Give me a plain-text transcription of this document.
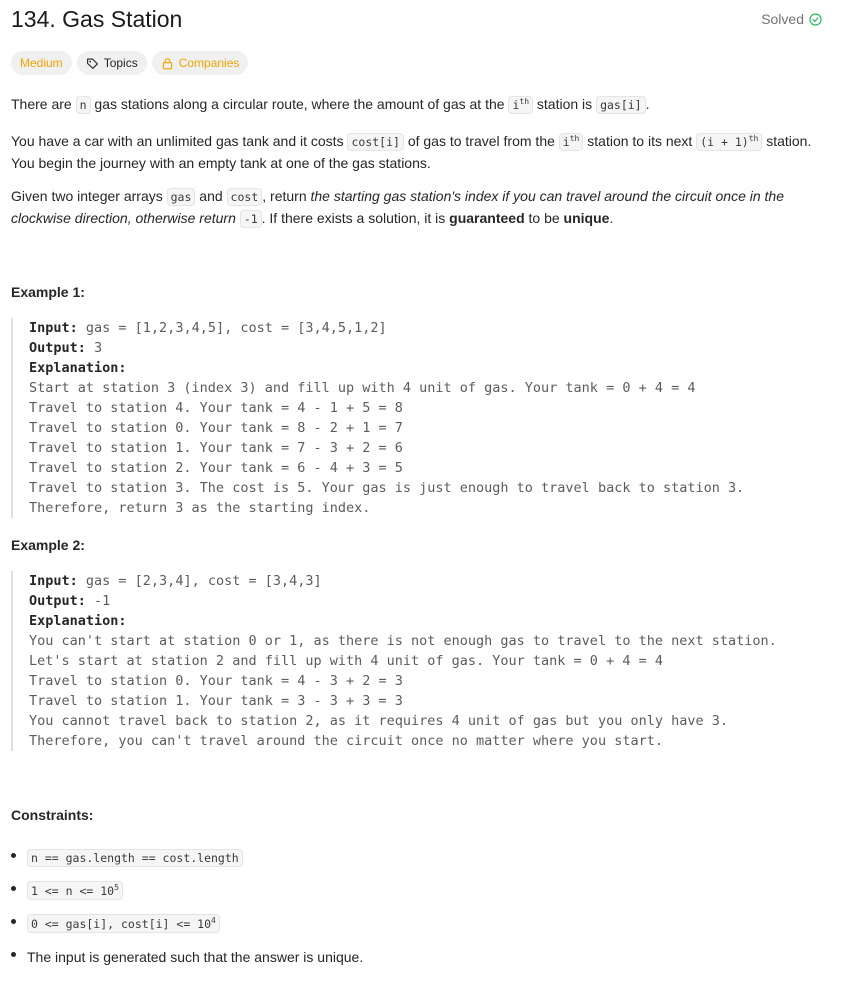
134. Gas Station	Solved
Medium	Topics	Companies

There are n gas stations along a circular route, where the amount of gas at the $i^{th}$ station is gas[i] .

You have a car with an unlimited gas tank and it costs cost[i] of gas to travel from the $i^{th}$ station to its next $(i + 1)^{th}$ station. You begin the journey with an empty tank at one of the gas stations.

Given two integer arrays gas and cost , return the starting gas station's index if you can travel around the circuit once in the clockwise direction, otherwise return -1 . If there exists a solution, it is guaranteed to be unique.

Example 1:
Input: gas = [1,2,3,4,5], cost = [3,4,5,1,2]
Output: 3
Explanation:
Start at station 3 (index 3) and fill up with 4 unit of gas. Your tank = 0 + 4 = 4
Travel to station 4. Your tank = 4 - 1 + 5 = 8
Travel to station 0. Your tank = 8 - 2 + 1 = 7
Travel to station 1. Your tank = 7 - 3 + 2 = 6
Travel to station 2. Your tank = 6 - 4 + 3 = 5
Travel to station 3. The cost is 5. Your gas is just enough to travel back to station 3.
Therefore, return 3 as the starting index.
Example 2:
Input: gas = [2,3,4], cost = [3,4,3]
Output: -1
Explanation:
You can't start at station 0 or 1, as there is not enough gas to travel to the next station.
Let's start at station 2 and fill up with 4 unit of gas. Your tank = 0 + 4 = 4
Travel to station 0. Your tank = 4 - 3 + 2 = 3
Travel to station 1. Your tank = 3 - 3 + 3 = 3
You cannot travel back to station 2, as it requires 4 unit of gas but you only have 3.
Therefore, you can't travel around the circuit once no matter where you start.
Constraints:
n == gas.length == cost.length
$1 <= n <= 10^5$
0 <= gas[i], $\cos t[i] <= 10^4$
The input is generated such that the answer is unique.
